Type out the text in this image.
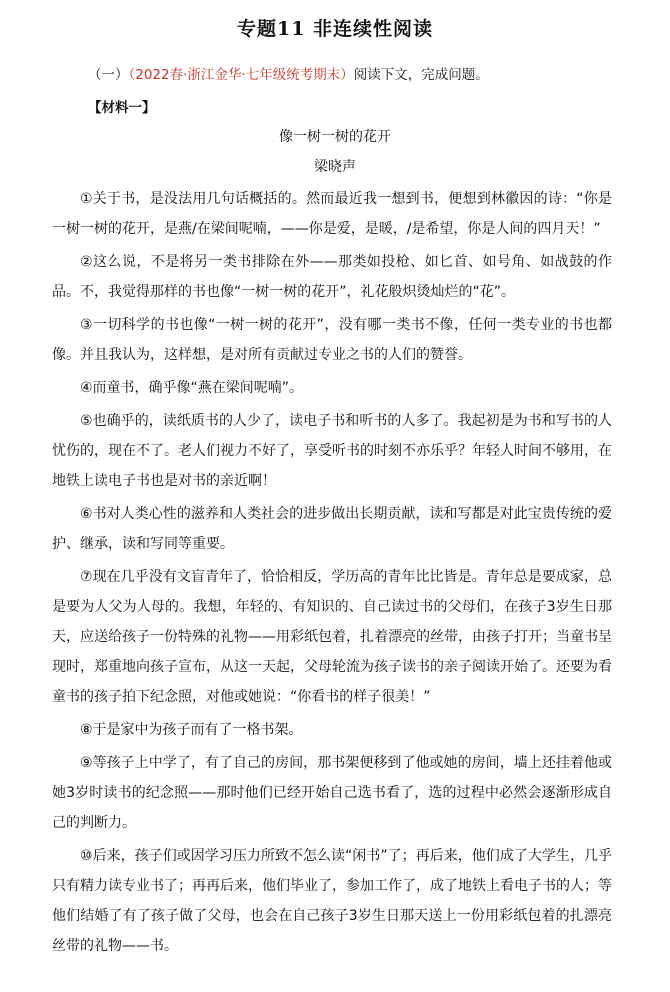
专题11 非连续性阅读
（一）（2022春·浙江金华·七年级统考期末）阅读下文，完成问题。
【材料一】
像一树一树的花开
梁晓声

①关于书，是没法用几句话概括的。然而最近我一想到书，便想到林徽因的诗：“你是一树一树的花开，是燕/在梁间呢喃，——你是爱，是暖，/是希望，你是人间的四月天！”

②这么说，不是将另一类书排除在外——那类如投枪、如匕首、如号角、如战鼓的作品。不，我觉得那样的书也像“一树一树的花开”，礼花般炽烫灿烂的“花”。

③一切科学的书也像“一树一树的花开”，没有哪一类书不像，任何一类专业的书也都像。并且我认为，这样想，是对所有贡献过专业之书的人们的赞誉。

④而童书，确乎像“燕在梁间呢喃”。

⑤也确乎的，读纸质书的人少了，读电子书和听书的人多了。我起初是为书和写书的人忧伤的，现在不了。老人们视力不好了，享受听书的时刻不亦乐乎？年轻人时间不够用，在地铁上读电子书也是对书的亲近啊！

⑥书对人类心性的滋养和人类社会的进步做出长期贡献，读和写都是对此宝贵传统的爱护、继承，读和写同等重要。

⑦现在几乎没有文盲青年了，恰恰相反，学历高的青年比比皆是。青年总是要成家，总是要为人父为人母的。我想，年轻的、有知识的、自己读过书的父母们，在孩子3岁生日那天，应送给孩子一份特殊的礼物——用彩纸包着，扎着漂亮的丝带，由孩子打开；当童书呈现时，郑重地向孩子宣布，从这一天起，父母轮流为孩子读书的亲子阅读开始了。还要为看童书的孩子拍下纪念照，对他或她说：“你看书的样子很美！”

⑧于是家中为孩子而有了一格书架。

⑨等孩子上中学了，有了自己的房间，那书架便移到了他或她的房间，墙上还挂着他或她3岁时读书的纪念照——那时他们已经开始自己选书看了，选的过程中必然会逐渐形成自己的判断力。

⑩后来，孩子们或因学习压力所致不怎么读“闲书”了；再后来，他们成了大学生，几乎只有精力读专业书了；再再后来，他们毕业了，参加工作了，成了地铁上看电子书的人；等他们结婚了有了孩子做了父母，也会在自己孩子3岁生日那天送上一份用彩纸包着的扎漂亮丝带的礼物——书。
